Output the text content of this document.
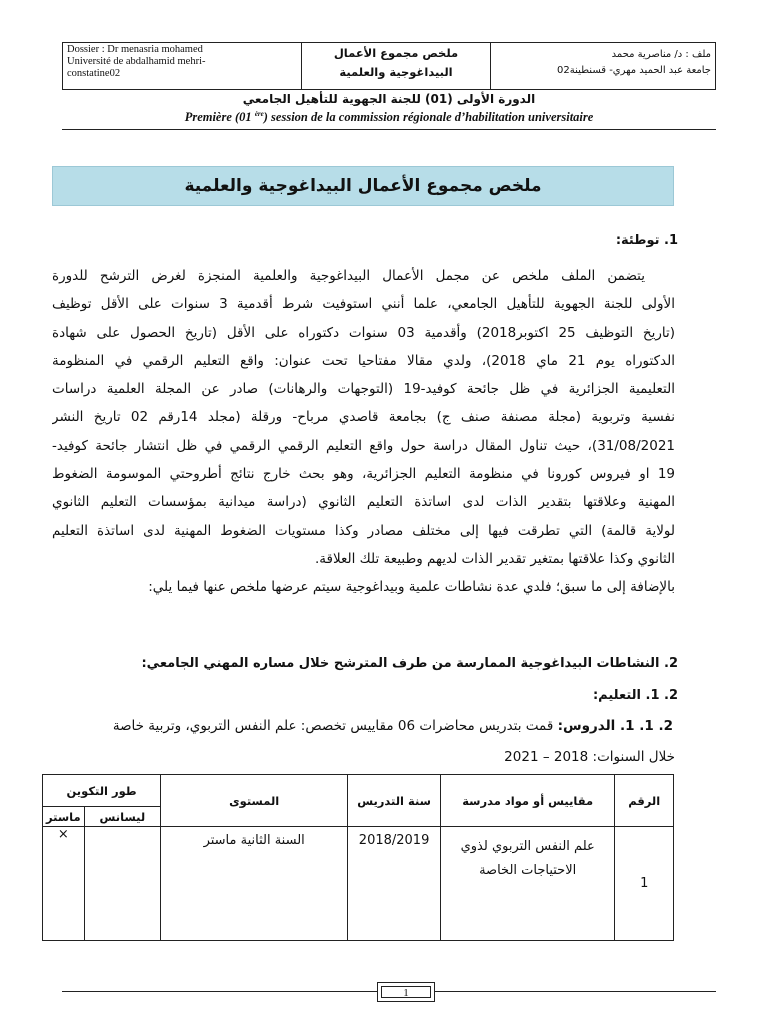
Dossier : Dr menasria mohamed
Université de abdalhamid mehri-
constatine02

ملخص مجموع الأعمال
البيداغوجية والعلمية

ملف : د/ مناصرية محمد
جامعة عبد الحميد مهري- قسنطينة02
الدورة الأولى (01) للجنة الجهوية للتأهيل الجامعي
Première (01 $^{ère}$) session de la commission régionale d’habilitation universitaire
ملخص مجموع الأعمال البيداغوجية والعلمية
1. توطئة:
يتضمن الملف ملخص عن مجمل الأعمال البيداغوجية والعلمية المنجزة لغرض الترشح للدورة
الأولى للجنة الجهوية للتأهيل الجامعي، علما أنني استوفيت شرط أقدمية 3 سنوات على الأقل توظيف
(تاريخ التوظيف 25 اكتوبر2018) وأقدمية 03 سنوات دكتوراه على الأقل (تاريخ الحصول على شهادة
الدكتوراه يوم 21 ماي 2018)، ولدي مقالا مفتاحيا تحت عنوان: واقع التعليم الرقمي في المنظومة
التعليمية الجزائرية في ظل جائحة كوفيد-19 (التوجهات والرهانات) صادر عن المجلة العلمية دراسات
نفسية وتربوية (مجلة مصنفة صنف ج) بجامعة قاصدي مرباح- ورقلة (مجلد 14رقم 02 تاريخ النشر
31/08/2021)، حيث تناول المقال دراسة حول واقع التعليم الرقمي الرقمي في ظل انتشار جائحة كوفيد-
19 او فيروس كورونا في منظومة التعليم الجزائرية، وهو بحث خارج نتائج أطروحتي الموسومة الضغوط
المهنية وعلاقتها بتقدير الذات لدى اساتذة التعليم الثانوي (دراسة ميدانية بمؤسسات التعليم الثانوي
لولاية قالمة) التي تطرقت فيها إلى مختلف مصادر وكذا مستويات الضغوط المهنية لدى اساتذة التعليم
الثانوي وكذا علاقتها بمتغير تقدير الذات لديهم وطبيعة تلك العلاقة.
بالإضافة إلى ما سبق؛ فلدي عدة نشاطات علمية وبيداغوجية سيتم عرضها ملخص عنها فيما يلي:
2. النشاطات البيداغوجية الممارسة من طرف المترشح خلال مساره المهني الجامعي:
2. 1. التعليم:
2. 1. 1. الدروس: قمت بتدريس محاضرات 06 مقاييس تخصص: علم النفس التربوي، وتربية خاصة
خلال السنوات: 2018 – 2021
الرقم	مقاييس أو مواد مدرسة	سنة التدريس	المستوى	طور التكوين	
				ليسانس	ماستر
1	علم النفس التربوي لذوي الاحتياجات الخاصة	2018/2019	السنة الثانية ماستر		×
1
